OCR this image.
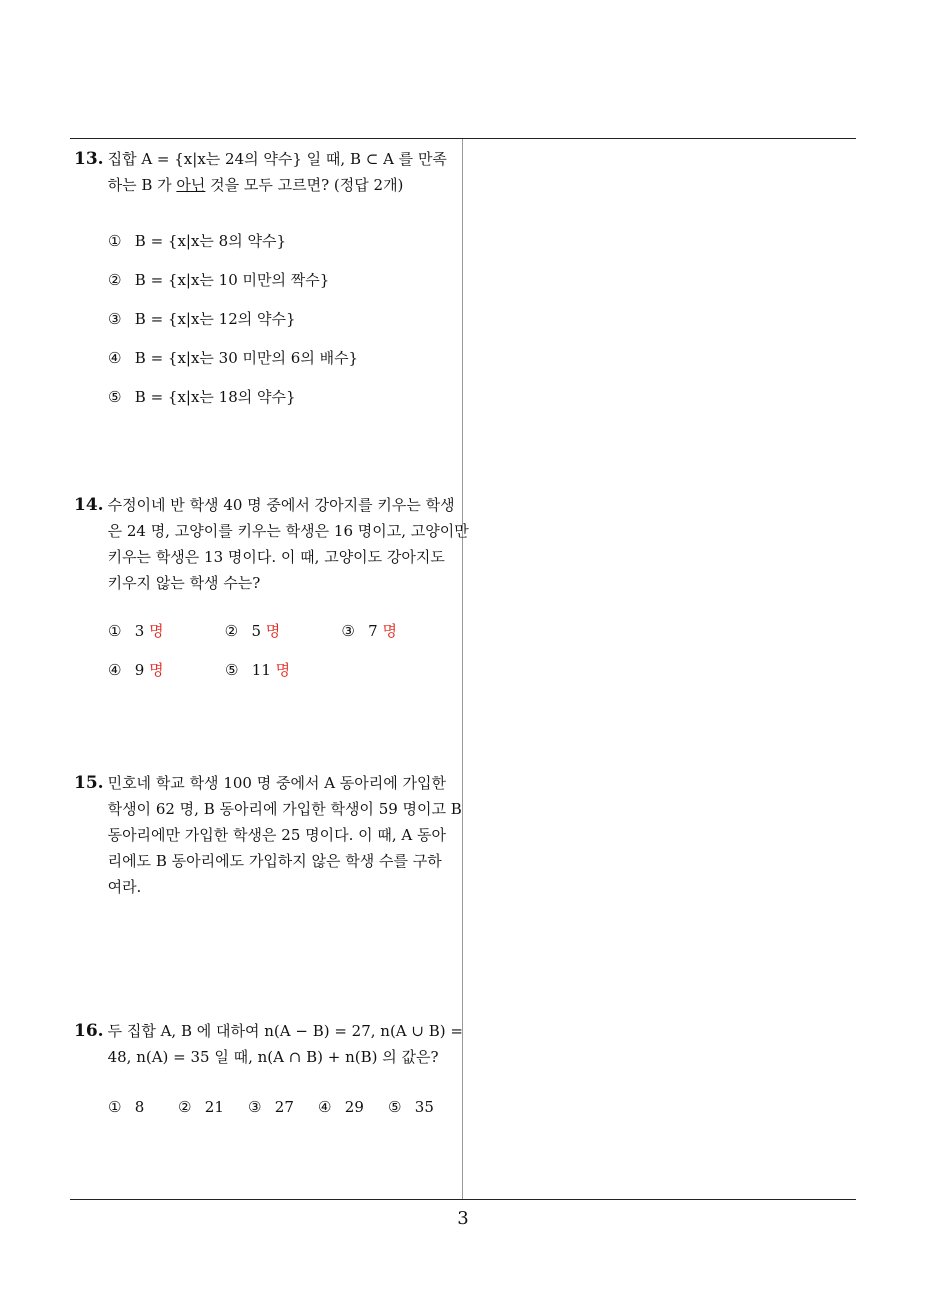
13. 집합 A = {x|x는 24의 약수} 일 때, B ⊂ A 를 만족
하는 B 가 아닌 것을 모두 고르면? (정답 2개)
① B = {x|x는 8의 약수}
② B = {x|x는 10 미만의 짝수}
③ B = {x|x는 12의 약수}
④ B = {x|x는 30 미만의 6의 배수}
⑤ B = {x|x는 18의 약수}
14. 수정이네 반 학생 40 명 중에서 강아지를 키우는 학생
은 24 명, 고양이를 키우는 학생은 16 명이고, 고양이만
키우는 학생은 13 명이다. 이 때, 고양이도 강아지도
키우지 않는 학생 수는?
① 3 명	② 5 명	③ 7 명
④ 9 명	⑤ 11 명
15. 민호네 학교 학생 100 명 중에서 A 동아리에 가입한
학생이 62 명, B 동아리에 가입한 학생이 59 명이고 B
동아리에만 가입한 학생은 25 명이다. 이 때, A 동아
리에도 B 동아리에도 가입하지 않은 학생 수를 구하
여라.
16. 두 집합 A, B 에 대하여 n(A − B) = 27, n(A ∪ B) =
48, n(A) = 35 일 때, n(A ∩ B) + n(B) 의 값은?
① 8	② 21	③ 27	④ 29	⑤ 35
3
